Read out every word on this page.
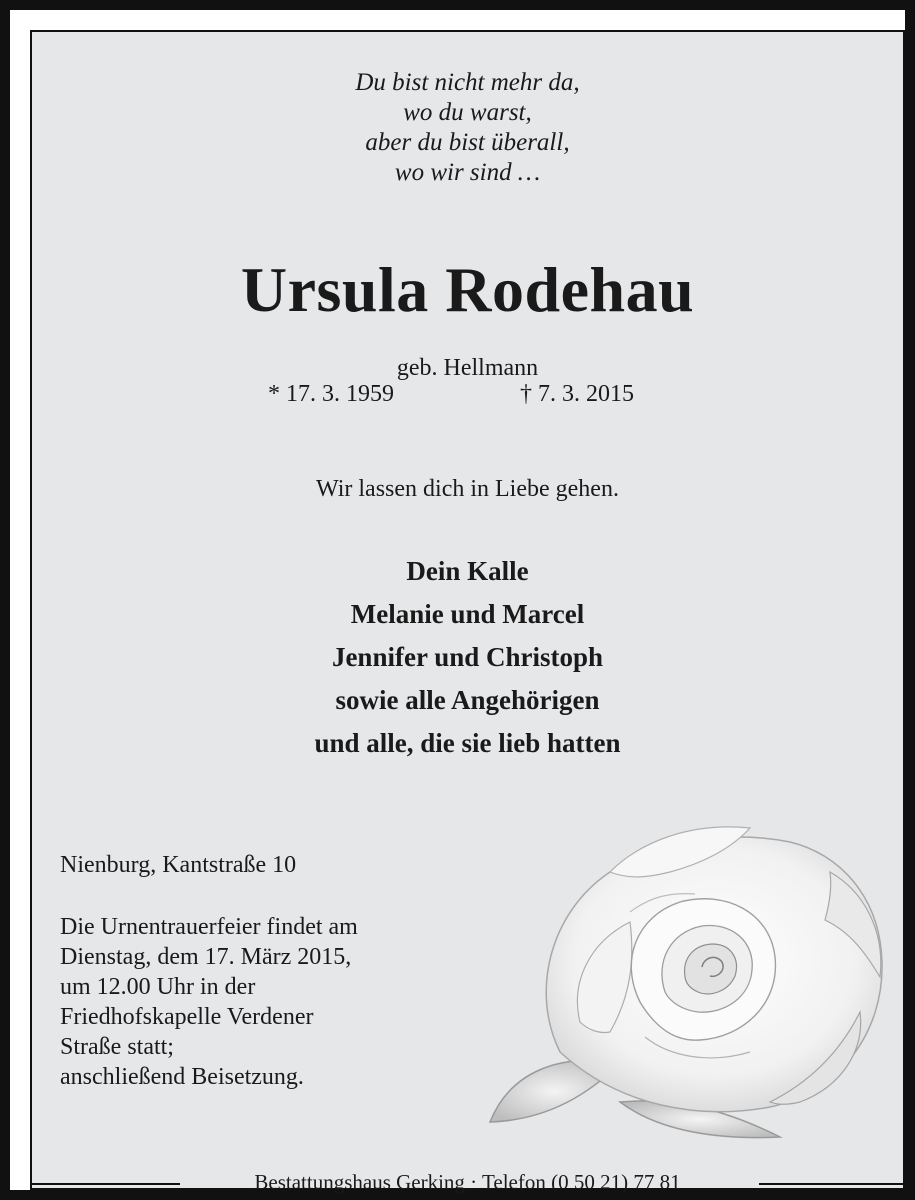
Du bist nicht mehr da,
wo du warst,
aber du bist überall,
wo wir sind …
Ursula Rodehau
geb. Hellmann
* 17. 3. 1959	† 7. 3. 2015
Wir lassen dich in Liebe gehen.
Dein Kalle
Melanie und Marcel
Jennifer und Christoph
sowie alle Angehörigen
und alle, die sie lieb hatten
Nienburg, Kantstraße 10
Die Urnentrauerfeier findet am
Dienstag, dem 17. März 2015,
um 12.00 Uhr in der
Friedhofskapelle Verdener
Straße statt;
anschließend Beisetzung.
Bestattungshaus Gerking · Telefon (0 50 21) 77 81
